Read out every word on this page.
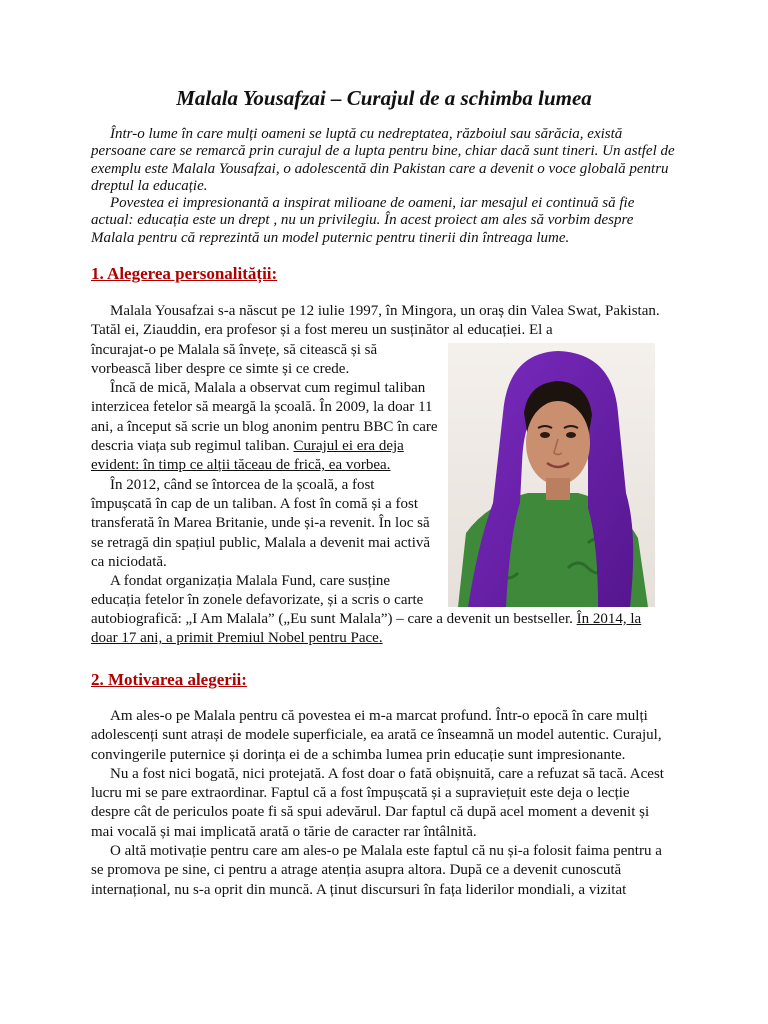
Malala Yousafzai – Curajul de a schimba lumea

Într-o lume în care mulți oameni se luptă cu nedreptatea, războiul sau sărăcia, există persoane care se remarcă prin curajul de a lupta pentru bine, chiar dacă sunt tineri. Un astfel de exemplu este Malala Yousafzai, o adolescentă din Pakistan care a devenit o voce globală pentru dreptul la educație.

Povestea ei impresionantă a inspirat milioane de oameni, iar mesajul ei continuă să fie actual: educația este un drept , nu un privilegiu. În acest proiect am ales să vorbim despre Malala pentru că reprezintă un model puternic pentru tinerii din întreaga lume.

1. Alegerea personalității:

Malala Yousafzai s-a născut pe 12 iulie 1997, în Mingora, un oraș din Valea Swat, Pakistan. Tatăl ei, Ziauddin, era profesor și a fost mereu un susținător al educației. El a

încurajat-o pe Malala să învețe, să citească și să vorbească liber despre ce simte și ce crede.

Încă de mică, Malala a observat cum regimul taliban interzicea fetelor să meargă la școală. În 2009, la doar 11 ani, a început să scrie un blog anonim pentru BBC în care descria viața sub regimul taliban. Curajul ei era deja evident: în timp ce alții tăceau de frică, ea vorbea.

În 2012, când se întorcea de la școală, a fost împușcată în cap de un taliban. A fost în comă și a fost transferată în Marea Britanie, unde și-a revenit. În loc să se retragă din spațiul public, Malala a devenit mai activă ca niciodată.

A fondat organizația Malala Fund, care susține educația fetelor în zonele defavorizate, și a scris o carte

autobiografică: „I Am Malala” („Eu sunt Malala”) – care a devenit un bestseller. În 2014, la doar 17 ani, a primit Premiul Nobel pentru Pace.

2. Motivarea alegerii:

Am ales-o pe Malala pentru că povestea ei m-a marcat profund. Într-o epocă în care mulți adolescenți sunt atrași de modele superficiale, ea arată ce înseamnă un model autentic. Curajul, convingerile puternice și dorința ei de a schimba lumea prin educație sunt impresionante.

Nu a fost nici bogată, nici protejată. A fost doar o fată obișnuită, care a refuzat să tacă. Acest lucru mi se pare extraordinar. Faptul că a fost împușcată și a supraviețuit este deja o lecție despre cât de periculos poate fi să spui adevărul. Dar faptul că după acel moment a devenit și mai vocală și mai implicată arată o tărie de caracter rar întâlnită.

O altă motivație pentru care am ales-o pe Malala este faptul că nu și-a folosit faima pentru a se promova pe sine, ci pentru a atrage atenția asupra altora. După ce a devenit cunoscută internațional, nu s-a oprit din muncă. A ținut discursuri în fața liderilor mondiali, a vizitat
